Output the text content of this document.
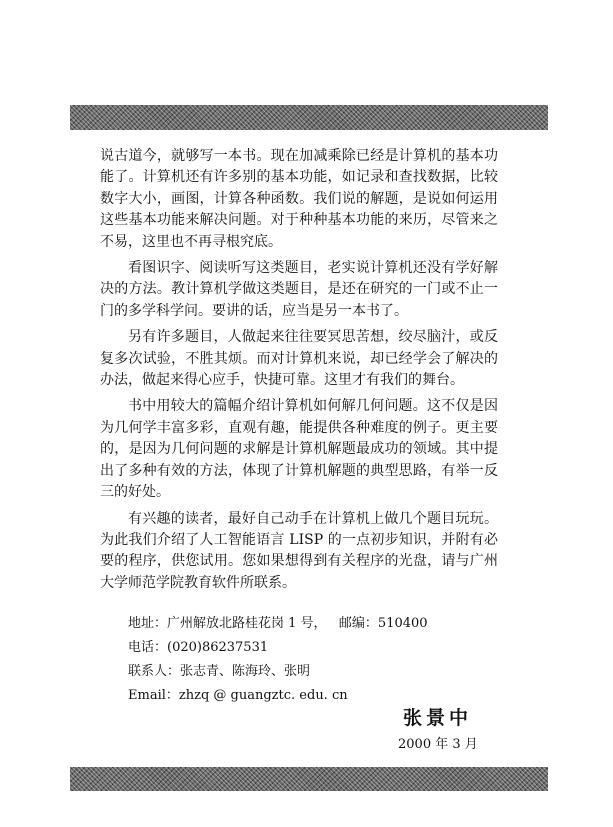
说古道今，就够写一本书。现在加减乘除已经是计算机的基本功能了。计算机还有许多别的基本功能，如记录和查找数据，比较数字大小，画图，计算各种函数。我们说的解题，是说如何运用这些基本功能来解决问题。对于种种基本功能的来历，尽管来之不易，这里也不再寻根究底。

看图识字、阅读听写这类题目，老实说计算机还没有学好解决的方法。教计算机学做这类题目，是还在研究的一门或不止一门的多学科学问。要讲的话，应当是另一本书了。

另有许多题目，人做起来往往要冥思苦想，绞尽脑汁，或反复多次试验，不胜其烦。而对计算机来说，却已经学会了解决的办法，做起来得心应手，快捷可靠。这里才有我们的舞台。

书中用较大的篇幅介绍计算机如何解几何问题。这不仅是因为几何学丰富多彩，直观有趣，能提供各种难度的例子。更主要的，是因为几何问题的求解是计算机解题最成功的领域。其中提出了多种有效的方法，体现了计算机解题的典型思路，有举一反三的好处。

有兴趣的读者，最好自己动手在计算机上做几个题目玩玩。为此我们介绍了人工智能语言 LISP 的一点初步知识，并附有必要的程序，供您试用。您如果想得到有关程序的光盘，请与广州大学师范学院教育软件所联系。

地址：广州解放北路桂花岗 1 号，   邮编：510400
电话：(020)86237531
联系人：张志青、陈海玲、张明
Email：zhzq @ guangztc. edu. cn
张景中
2000 年 3 月
